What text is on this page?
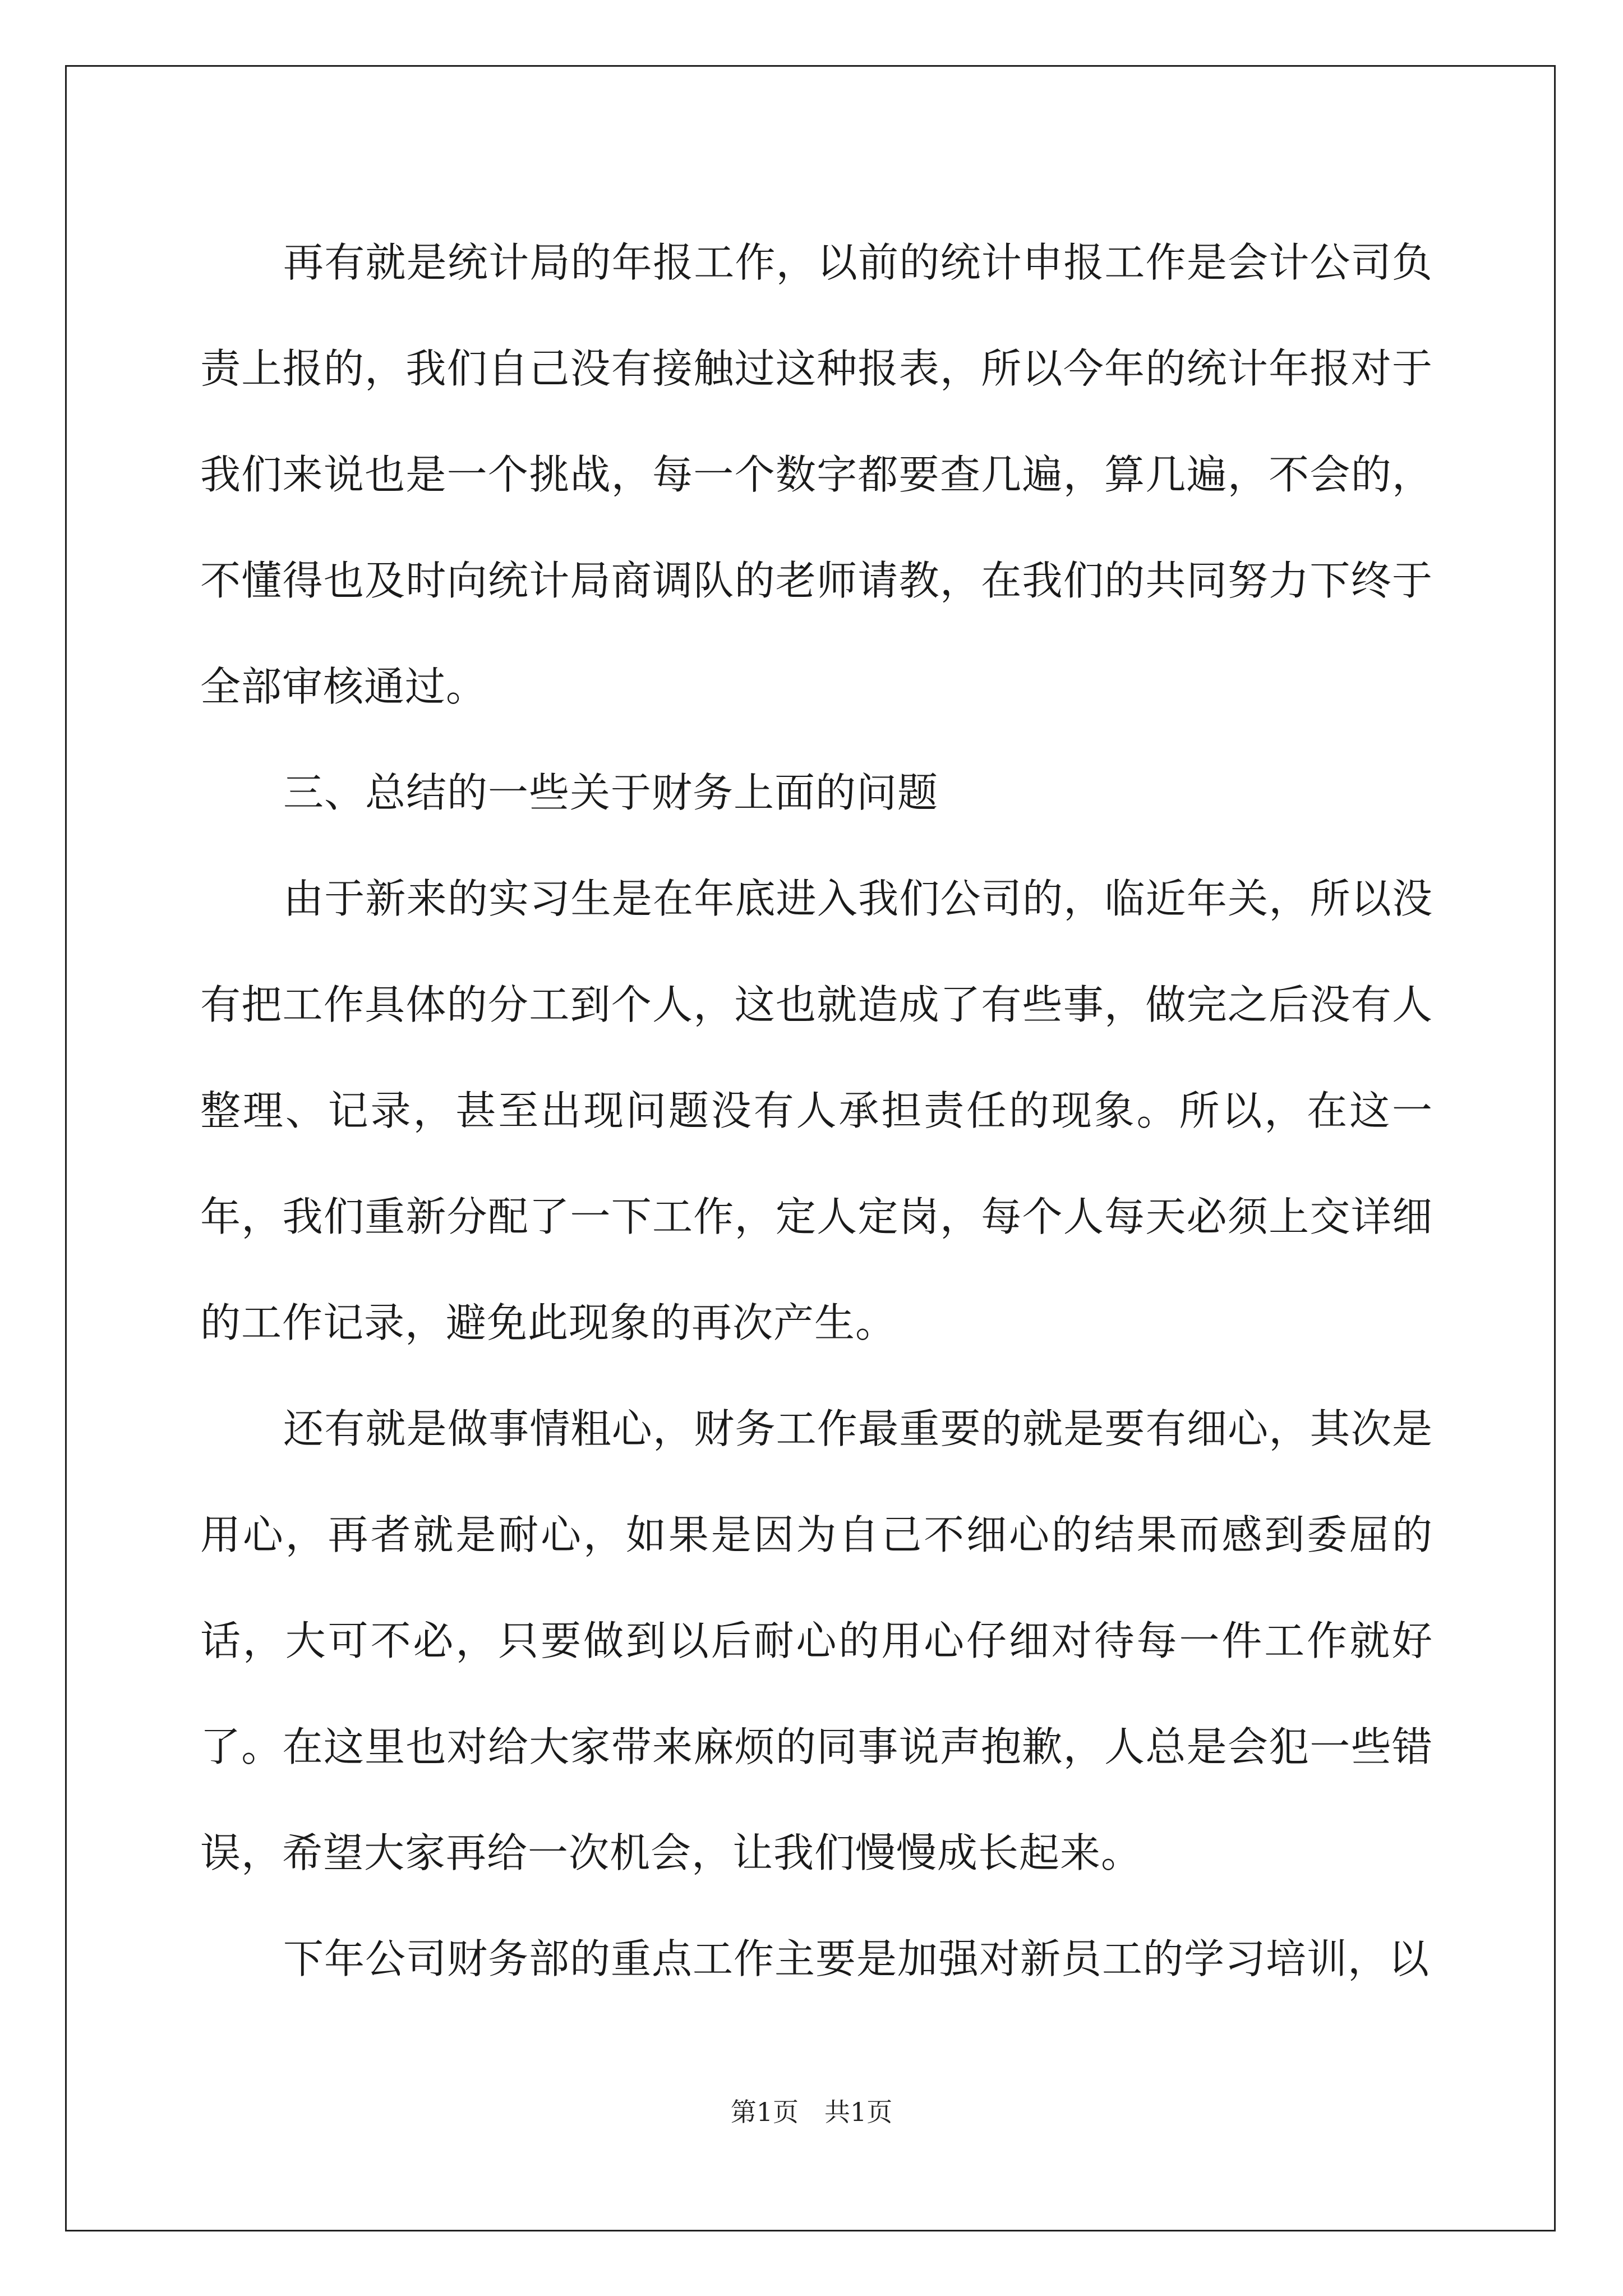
再有就是统计局的年报工作，以前的统计申报工作是会计公司负责上报的，我们自己没有接触过这种报表，所以今年的统计年报对于我们来说也是一个挑战，每一个数字都要查几遍，算几遍，不会的，不懂得也及时向统计局商调队的老师请教，在我们的共同努力下终于全部审核通过。

三、总结的一些关于财务上面的问题

由于新来的实习生是在年底进入我们公司的，临近年关，所以没有把工作具体的分工到个人，这也就造成了有些事，做完之后没有人整理、记录，甚至出现问题没有人承担责任的现象。所以，在这一年，我们重新分配了一下工作，定人定岗，每个人每天必须上交详细的工作记录，避免此现象的再次产生。

还有就是做事情粗心，财务工作最重要的就是要有细心，其次是用心，再者就是耐心，如果是因为自己不细心的结果而感到委屈的话，大可不必，只要做到以后耐心的用心仔细对待每一件工作就好了。在这里也对给大家带来麻烦的同事说声抱歉，人总是会犯一些错误，希望大家再给一次机会，让我们慢慢成长起来。

下年公司财务部的重点工作主要是加强对新员工的学习培训，以

第1页　共1页
